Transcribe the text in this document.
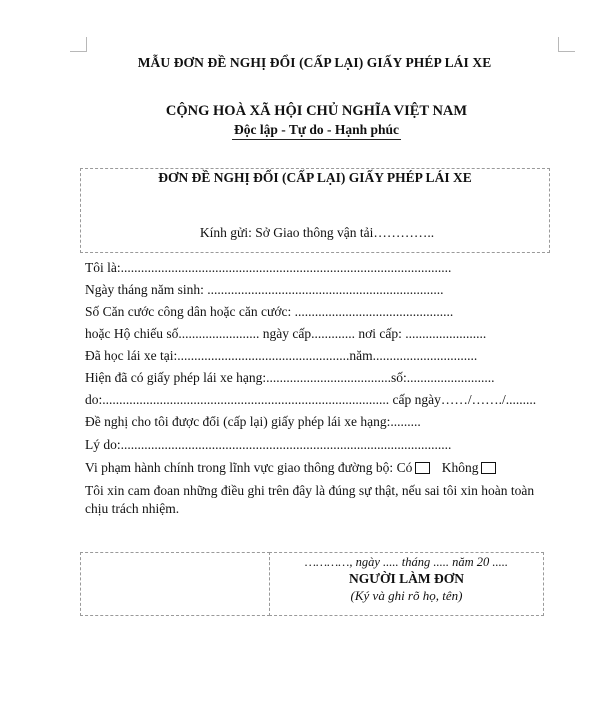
MẪU ĐƠN ĐỀ NGHỊ ĐỔI (CẤP LẠI) GIẤY PHÉP LÁI XE
CỘNG HOÀ XÃ HỘI CHỦ NGHĨA VIỆT NAM
Độc lập - Tự do - Hạnh phúc
ĐƠN ĐỀ NGHỊ ĐỔI (CẤP LẠI) GIẤY PHÉP LÁI XE
Kính gửi: Sở Giao thông vận tải…………..
Tôi là:..................................................................................................
Ngày tháng năm sinh: ......................................................................
Số Căn cước công dân hoặc căn cước: ...............................................
hoặc Hộ chiếu số........................ ngày cấp............. nơi cấp: ........................
Đã học lái xe tại:...................................................năm...............................
Hiện đã có giấy phép lái xe hạng:.....................................số:..........................
do:..................................................................................... cấp ngày……/……./.........
Đề nghị cho tôi được đổi (cấp lại) giấy phép lái xe hạng:.........
Lý do:..................................................................................................
Vi phạm hành chính trong lĩnh vực giao thông đường bộ: Có Không
Tôi xin cam đoan những điều ghi trên đây là đúng sự thật, nếu sai tôi xin hoàn toàn chịu trách nhiệm.
…………, ngày ..... tháng ..... năm 20 .....
NGƯỜI LÀM ĐƠN
(Ký và ghi rõ họ, tên)
